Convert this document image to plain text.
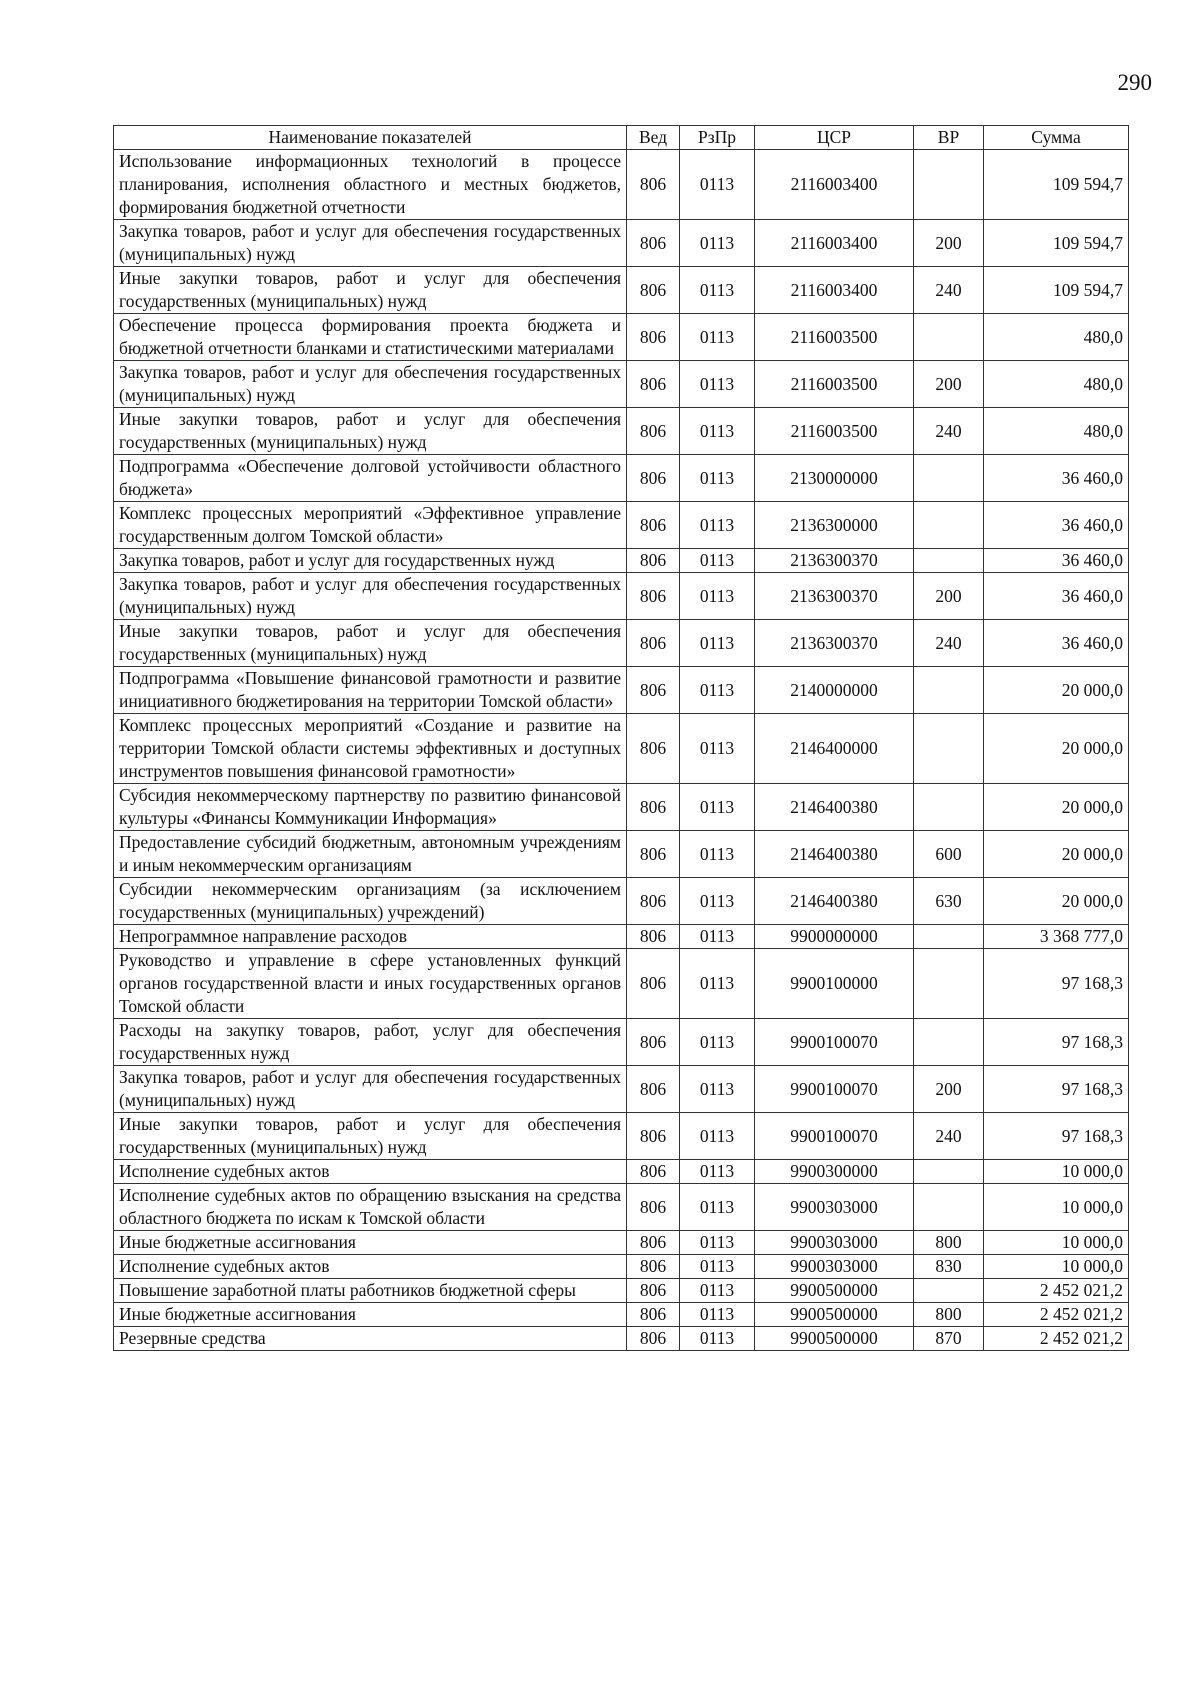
290
Наименование показателей	Вед	РзПр	ЦСР	ВР	Сумма
Использование информационных технологий в процессе планирования, исполнения областного и местных бюджетов, формирования бюджетной отчетности	806	0113	2116003400		109 594,7
Закупка товаров, работ и услуг для обеспечения государственных (муниципальных) нужд	806	0113	2116003400	200	109 594,7
Иные закупки товаров, работ и услуг для обеспечения государственных (муниципальных) нужд	806	0113	2116003400	240	109 594,7
Обеспечение процесса формирования проекта бюджета и бюджетной отчетности бланками и статистическими материалами	806	0113	2116003500		480,0
Закупка товаров, работ и услуг для обеспечения государственных (муниципальных) нужд	806	0113	2116003500	200	480,0
Иные закупки товаров, работ и услуг для обеспечения государственных (муниципальных) нужд	806	0113	2116003500	240	480,0
Подпрограмма «Обеспечение долговой устойчивости областного бюджета»	806	0113	2130000000		36 460,0
Комплекс процессных мероприятий «Эффективное управление государственным долгом Томской области»	806	0113	2136300000		36 460,0
Закупка товаров, работ и услуг для государственных нужд	806	0113	2136300370		36 460,0
Закупка товаров, работ и услуг для обеспечения государственных (муниципальных) нужд	806	0113	2136300370	200	36 460,0
Иные закупки товаров, работ и услуг для обеспечения государственных (муниципальных) нужд	806	0113	2136300370	240	36 460,0
Подпрограмма «Повышение финансовой грамотности и развитие инициативного бюджетирования на территории Томской области»	806	0113	2140000000		20 000,0
Комплекс процессных мероприятий «Создание и развитие на территории Томской области системы эффективных и доступных инструментов повышения финансовой грамотности»	806	0113	2146400000		20 000,0
Субсидия некоммерческому партнерству по развитию финансовой культуры «Финансы Коммуникации Информация»	806	0113	2146400380		20 000,0
Предоставление субсидий бюджетным, автономным учреждениям и иным некоммерческим организациям	806	0113	2146400380	600	20 000,0
Субсидии некоммерческим организациям (за исключением государственных (муниципальных) учреждений)	806	0113	2146400380	630	20 000,0
Непрограммное направление расходов	806	0113	9900000000		3 368 777,0
Руководство и управление в сфере установленных функций органов государственной власти и иных государственных органов Томской области	806	0113	9900100000		97 168,3
Расходы на закупку товаров, работ, услуг для обеспечения государственных нужд	806	0113	9900100070		97 168,3
Закупка товаров, работ и услуг для обеспечения государственных (муниципальных) нужд	806	0113	9900100070	200	97 168,3
Иные закупки товаров, работ и услуг для обеспечения государственных (муниципальных) нужд	806	0113	9900100070	240	97 168,3
Исполнение судебных актов	806	0113	9900300000		10 000,0
Исполнение судебных актов по обращению взыскания на средства областного бюджета по искам к Томской области	806	0113	9900303000		10 000,0
Иные бюджетные ассигнования	806	0113	9900303000	800	10 000,0
Исполнение судебных актов	806	0113	9900303000	830	10 000,0
Повышение заработной платы работников бюджетной сферы	806	0113	9900500000		2 452 021,2
Иные бюджетные ассигнования	806	0113	9900500000	800	2 452 021,2
Резервные средства	806	0113	9900500000	870	2 452 021,2
